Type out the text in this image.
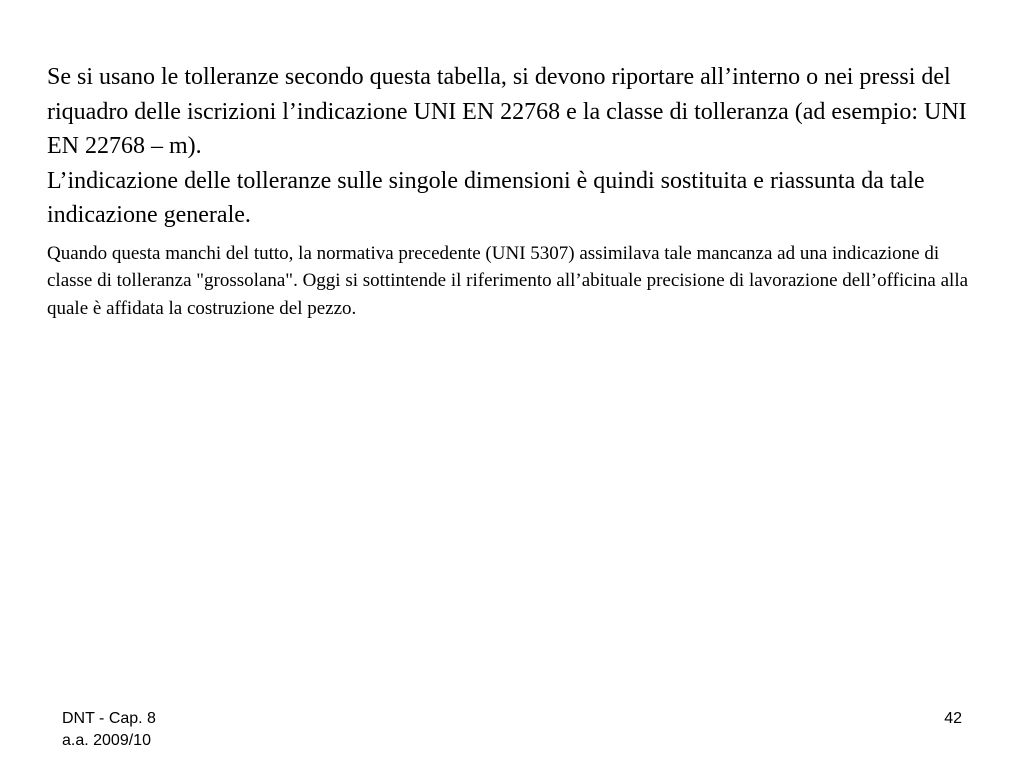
Se si usano le tolleranze secondo questa tabella, si devono riportare all’interno o nei pressi del riquadro delle iscrizioni l’indicazione UNI EN 22768 e la classe di tolleranza (ad esempio: UNI EN 22768 – m).

L’indicazione delle tolleranze sulle singole dimensioni è quindi sostituita e riassunta da tale indicazione generale.

Quando questa manchi del tutto, la normativa precedente (UNI 5307) assimilava tale mancanza ad una indicazione di classe di tolleranza "grossolana". Oggi si sottintende il riferimento all’abituale precisione di lavorazione dell’officina alla quale è affidata la costruzione del pezzo.

DNT - Cap. 8
a.a. 2009/10
42
